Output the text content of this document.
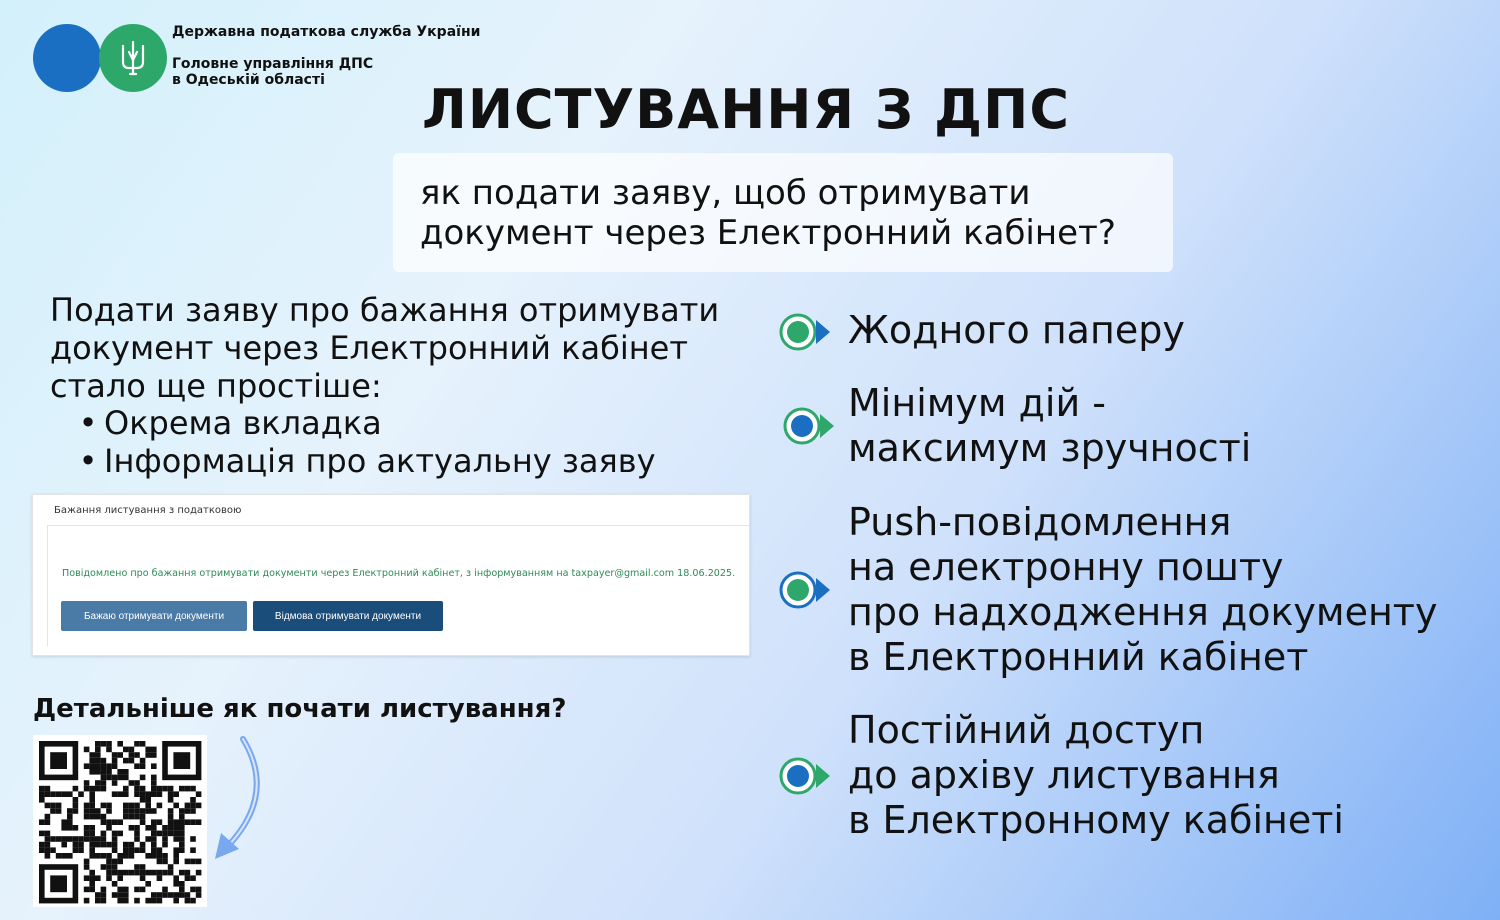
Державна податкова служба України
Головне управління ДПС
в Одеській області	ЛИСТУВАННЯ З ДПС
як подати заяву, щоб отримувати
документ через Електронний кабінет?
Подати заяву про бажання отримувати
документ через Електронний кабінет
стало ще простіше:
• Окрема вкладка
• Інформація про актуальну заяву
Бажання листування з податковою
Повідомлено про бажання отримувати документи через Електронний кабінет, з інформуванням на taxpayer@gmail.com 18.06.2025.
Бажаю отримувати документи	Відмова отримувати документи
Детальніше як почати листування?
Жодного паперу
Мінімум дій -
максимум зручності
Push-повідомлення
на електронну пошту
про надходження документу
в Електронний кабінет
Постійний доступ
до архіву листування
в Електронному кабінеті
